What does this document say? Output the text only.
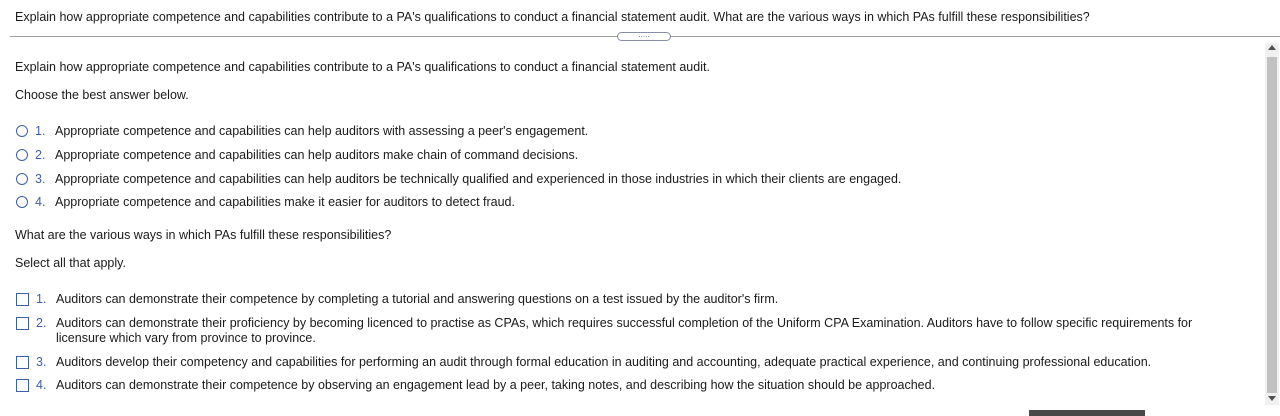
Explain how appropriate competence and capabilities contribute to a PA's qualifications to conduct a financial statement audit. What are the various ways in which PAs fulfill these responsibilities?
.....
Explain how appropriate competence and capabilities contribute to a PA's qualifications to conduct a financial statement audit.
Choose the best answer below.
1. Appropriate competence and capabilities can help auditors with assessing a peer's engagement.
2. Appropriate competence and capabilities can help auditors make chain of command decisions.
3. Appropriate competence and capabilities can help auditors be technically qualified and experienced in those industries in which their clients are engaged.
4. Appropriate competence and capabilities make it easier for auditors to detect fraud.
What are the various ways in which PAs fulfill these responsibilities?
Select all that apply.
1. Auditors can demonstrate their competence by completing a tutorial and answering questions on a test issued by the auditor's firm.
2. Auditors can demonstrate their proficiency by becoming licenced to practise as CPAs, which requires successful completion of the Uniform CPA Examination. Auditors have to follow specific requirements for licensure which vary from province to province.
3. Auditors develop their competency and capabilities for performing an audit through formal education in auditing and accounting, adequate practical experience, and continuing professional education.
4. Auditors can demonstrate their competence by observing an engagement lead by a peer, taking notes, and describing how the situation should be approached.
